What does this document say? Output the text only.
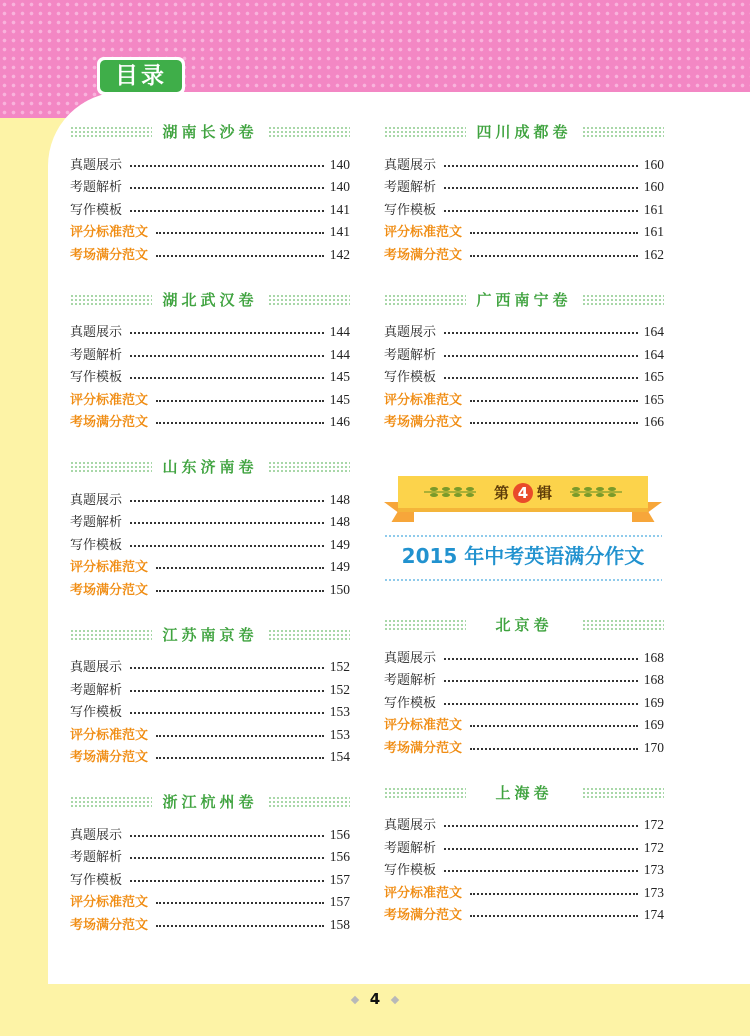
目录
湖南长沙卷
真题展示	140
考题解析	140
写作模板	141
评分标准范文	141
考场满分范文	142
湖北武汉卷
真题展示	144
考题解析	144
写作模板	145
评分标准范文	145
考场满分范文	146
山东济南卷
真题展示	148
考题解析	148
写作模板	149
评分标准范文	149
考场满分范文	150
江苏南京卷
真题展示	152
考题解析	152
写作模板	153
评分标准范文	153
考场满分范文	154
浙江杭州卷
真题展示	156
考题解析	156
写作模板	157
评分标准范文	157
考场满分范文	158
四川成都卷
真题展示	160
考题解析	160
写作模板	161
评分标准范文	161
考场满分范文	162
广西南宁卷
真题展示	164
考题解析	164
写作模板	165
评分标准范文	165
考场满分范文	166
第 4 辑
2015 年中考英语满分作文
北京卷
真题展示	168
考题解析	168
写作模板	169
评分标准范文	169
考场满分范文	170
上海卷
真题展示	172
考题解析	172
写作模板	173
评分标准范文	173
考场满分范文	174
4
